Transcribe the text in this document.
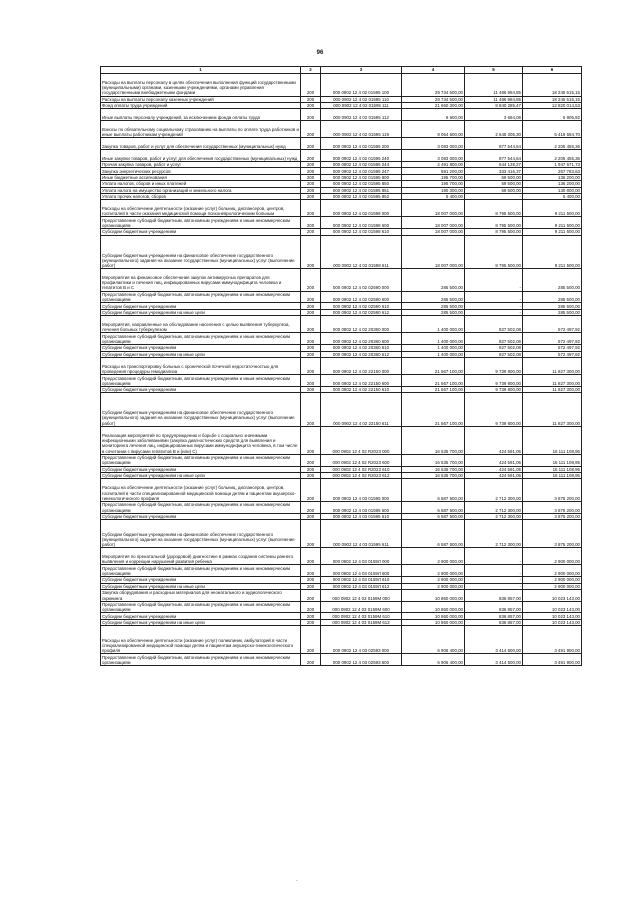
96
1	2	3	4	5	6
Расходы на выплаты персоналу в целях обеспечения выполнения функций государственными (муниципальными) органами, казенными учреждениями, органами управления государственными внебюджетными фондами	200	000 0902 12 4 02 01595 100	29 734 500,00	11 486 984,85	18 245 515,15
Расходы на выплаты персоналу казенных учреждений	200	000 0902 12 4 02 01595 110	29 734 500,00	11 486 984,85	18 245 515,15
Фонд оплаты труда учреждений	200	000 0902 12 4 02 01595 111	21 660 300,00	8 840 285,47	12 820 014,53
Иные выплаты персоналу учреждений, за исключением фонда оплаты труда	200	000 0902 12 4 02 01595 112	9 600,00	3 694,08	5 905,92
Взносы по обязательному социальному страхованию на выплаты по оплате труда работников и иные выплаты работникам учреждений	200	000 0902 12 4 02 01595 119	8 064 600,00	2 645 005,30	5 419 594,70
Закупка товаров, работ и услуг для обеспечения государственных (муниципальных) нужд	200	000 0902 12 4 02 01595 200	3 083 000,00	877 544,64	2 205 455,36
Иные закупки товаров, работ и услуг для обеспечения государственных (муниципальных) нужд	200	000 0902 12 4 02 01595 240	3 083 000,00	877 544,64	2 205 455,36
Прочая закупка товаров, работ и услуг	200	000 0902 12 4 02 01595 244	2 491 800,00	544 128,27	1 947 671,73
Закупка энергетических ресурсов	200	000 0902 12 4 02 01595 247	591 200,00	333 416,37	257 783,63
Иные бюджетные ассигнования	200	000 0902 12 4 02 01595 800	195 700,00	59 500,00	136 200,00
Уплата налогов, сборов и иных платежей	200	000 0902 12 4 02 01595 850	195 700,00	59 500,00	136 200,00
Уплата налога на имущество организаций и земельного налога	200	000 0902 12 4 02 01595 851	190 300,00	59 500,00	130 800,00
Уплата прочих налогов, сборов	200	000 0902 12 4 02 01595 852	5 400,00	-	5 400,00
Расходы на обеспечение деятельности (оказание услуг) больниц, диспансеров, центров, госпиталей в части оказания медицинской помощи психоневрологическим больным	200	000 0902 12 4 02 01598 000	18 007 000,00	8 795 500,00	9 211 500,00
Предоставление субсидий бюджетным, автономным учреждениям и иным некоммерческим организациям	200	000 0902 12 4 02 01598 600	18 007 000,00	8 795 500,00	9 211 500,00
Субсидии бюджетным учреждениям	200	000 0902 12 4 02 01598 610	18 007 000,00	8 795 500,00	9 211 500,00
Субсидии бюджетным учреждениям на финансовое обеспечение государственного (муниципального) задания на оказание государственных (муниципальных) услуг (выполнение работ)	200	000 0902 12 4 02 01598 611	18 007 000,00	8 795 500,00	9 211 500,00
Мероприятия на финансовое обеспечение закупок антивирусных препаратов для профилактики и лечения лиц, инфицированных вирусами иммунодефицита человека и гепатитов В и С	200	000 0902 12 4 02 02590 000	285 500,00	-	285 500,00
Предоставление субсидий бюджетным, автономным учреждениям и иным некоммерческим организациям	200	000 0902 12 4 02 02590 600	285 500,00	-	285 500,00
Субсидии бюджетным учреждениям	200	000 0902 12 4 02 02590 610	285 500,00	-	285 500,00
Субсидии бюджетным учреждениям на иные цели	200	000 0902 12 4 02 02590 612	285 500,00	-	285 500,00
Мероприятия, направленные на обследование населения с целью выявления туберкулеза, лечения больных туберкулезом	200	000 0902 12 4 02 20360 000	1 400 000,00	827 502,08	572 497,92
Предоставление субсидий бюджетным, автономным учреждениям и иным некоммерческим организациям	200	000 0902 12 4 02 20360 600	1 400 000,00	827 502,08	572 497,92
Субсидии бюджетным учреждениям	200	000 0902 12 4 02 20360 610	1 400 000,00	827 502,08	572 497,92
Субсидии бюджетным учреждениям на иные цели	200	000 0902 12 4 02 20360 612	1 400 000,00	827 502,08	572 497,92
Расходы на транспортировку больных с хронической почечной недостаточностью для проведения процедуры гемодиализа	200	000 0902 12 4 02 22150 000	21 567 100,00	9 739 800,00	11 827 300,00
Предоставление субсидий бюджетным, автономным учреждениям и иным некоммерческим организациям	200	000 0902 12 4 02 22150 600	21 567 100,00	9 739 800,00	11 827 300,00
Субсидии бюджетным учреждениям	200	000 0902 12 4 02 22150 610	21 567 100,00	9 739 800,00	11 827 300,00
Субсидии бюджетным учреждениям на финансовое обеспечение государственного (муниципального) задания на оказание государственных (муниципальных) услуг (выполнение работ)	200	000 0902 12 4 02 22150 611	21 567 100,00	9 739 800,00	11 827 300,00
Реализация мероприятий по предупреждению и борьбе с социально значимыми инфекционными заболеваниями (закупка диагностических средств для выявления и мониторинга лечения лиц, инфицированных вирусами иммунодефицита человека, в том числе в сочетании с вирусами гепатитов B и (или) C)	200	000 0902 12 4 02 R2023 000	16 535 700,00	424 591,05	16 111 108,95
Предоставление субсидий бюджетным, автономным учреждениям и иным некоммерческим организациям	200	000 0902 12 4 02 R2023 600	16 535 700,00	424 591,05	16 111 108,95
Субсидии бюджетным учреждениям	200	000 0902 12 4 02 R2023 610	16 535 700,00	424 591,05	16 111 108,95
Субсидии бюджетным учреждениям на иные цели	200	000 0902 12 4 02 R2023 612	16 535 700,00	424 591,05	16 111 108,95
Расходы на обеспечение деятельности (оказание услуг) больниц, диспансеров, центров, госпиталей в части специализированной медицинской помощи детям и пациентам акушерско-гинекологического профиля	200	000 0902 12 4 03 01595 000	6 587 500,00	2 712 300,00	3 875 200,00
Предоставление субсидий бюджетным, автономным учреждениям и иным некоммерческим организациям	200	000 0902 12 4 03 01595 600	6 587 500,00	2 712 300,00	3 875 200,00
Субсидии бюджетным учреждениям	200	000 0902 12 4 03 01595 610	6 587 500,00	2 712 300,00	3 875 200,00
Субсидии бюджетным учреждениям на финансовое обеспечение государственного (муниципального) задания на оказание государственных (муниципальных) услуг (выполнение работ)	200	000 0902 12 4 03 01595 611	6 587 500,00	2 712 300,00	3 875 200,00
Мероприятия по пренатальной (дородовой) диагностике в рамках создания системы раннего выявления и коррекции нарушений развития ребенка	200	000 0902 12 4 03 0159Л 000	2 900 000,00	-	2 900 000,00
Предоставление субсидий бюджетным, автономным учреждениям и иным некоммерческим организациям	200	000 0902 12 4 03 0159Л 600	2 900 000,00	-	2 900 000,00
Субсидии бюджетным учреждениям	200	000 0902 12 4 03 0159Л 610	2 900 000,00	-	2 900 000,00
Субсидии бюджетным учреждениям на иные цели	200	000 0902 12 4 03 0159Л 612	2 900 000,00	-	2 900 000,00
Закупка оборудования и расходных материалов для неонатального и аудиологического скрининга	200	000 0902 12 4 03 0159М 000	10 860 000,00	836 857,00	10 023 143,00
Предоставление субсидий бюджетным, автономным учреждениям и иным некоммерческим организациям	200	000 0902 12 4 03 0159М 600	10 860 000,00	836 857,00	10 023 143,00
Субсидии бюджетным учреждениям	200	000 0902 12 4 03 0159М 610	10 860 000,00	836 857,00	10 023 143,00
Субсидии бюджетным учреждениям на иные цели	200	000 0902 12 4 03 0159М 612	10 860 000,00	836 857,00	10 023 143,00
Расходы на обеспечение деятельности (оказание услуг) поликлиник, амбулаторий в части специализированной медицинской помощи детям и пациентам акушерско-гинекологического профиля	200	000 0902 12 4 03 02593 000	6 906 400,00	3 414 500,00	3 491 900,00
Предоставление субсидий бюджетным, автономным учреждениям и иным некоммерческим организациям	200	000 0902 12 4 03 02593 600	6 906 400,00	3 414 500,00	3 491 900,00
-
